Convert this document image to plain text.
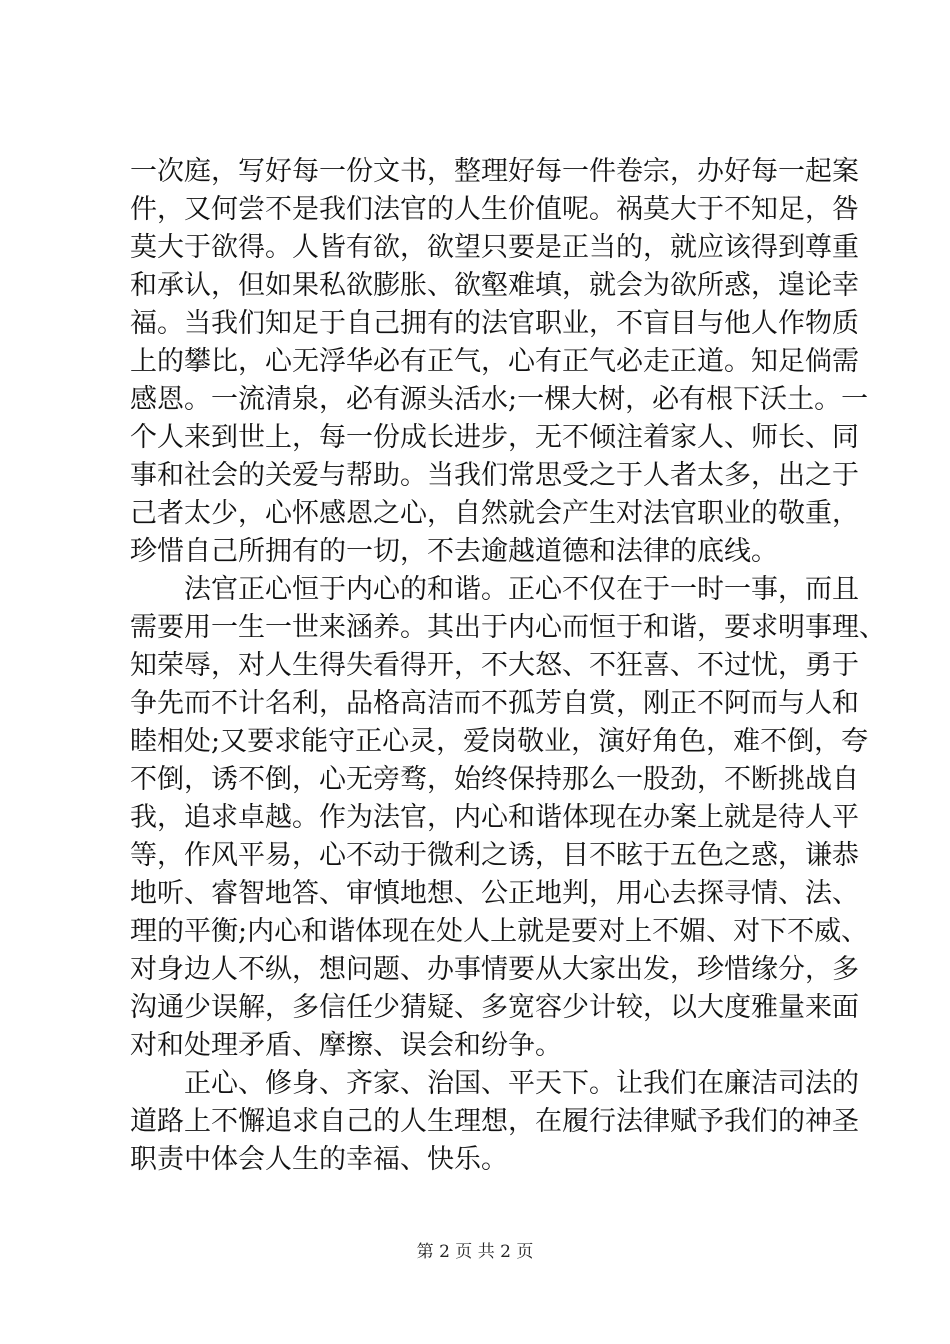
一次庭，写好每一份文书，整理好每一件卷宗，办好每一起案
件，又何尝不是我们法官的人生价值呢。祸莫大于不知足，咎
莫大于欲得。人皆有欲，欲望只要是正当的，就应该得到尊重
和承认，但如果私欲膨胀、欲壑难填，就会为欲所惑，遑论幸
福。当我们知足于自己拥有的法官职业，不盲目与他人作物质
上的攀比，心无浮华必有正气，心有正气必走正道。知足倘需
感恩。一流清泉，必有源头活水;一棵大树，必有根下沃土。一
个人来到世上，每一份成长进步，无不倾注着家人、师长、同
事和社会的关爱与帮助。当我们常思受之于人者太多，出之于
己者太少，心怀感恩之心，自然就会产生对法官职业的敬重，
珍惜自己所拥有的一切，不去逾越道德和法律的底线。
　　法官正心恒于内心的和谐。正心不仅在于一时一事，而且
需要用一生一世来涵养。其出于内心而恒于和谐，要求明事理、
知荣辱，对人生得失看得开，不大怒、不狂喜、不过忧，勇于
争先而不计名利，品格高洁而不孤芳自赏，刚正不阿而与人和
睦相处;又要求能守正心灵，爱岗敬业，演好角色，难不倒，夸
不倒，诱不倒，心无旁骛，始终保持那么一股劲，不断挑战自
我，追求卓越。作为法官，内心和谐体现在办案上就是待人平
等，作风平易，心不动于微利之诱，目不眩于五色之惑，谦恭
地听、睿智地答、审慎地想、公正地判，用心去探寻情、法、
理的平衡;内心和谐体现在处人上就是要对上不媚、对下不威、
对身边人不纵，想问题、办事情要从大家出发，珍惜缘分，多
沟通少误解，多信任少猜疑、多宽容少计较，以大度雅量来面
对和处理矛盾、摩擦、误会和纷争。
　　正心、修身、齐家、治国、平天下。让我们在廉洁司法的
道路上不懈追求自己的人生理想，在履行法律赋予我们的神圣
职责中体会人生的幸福、快乐。
第 2 页 共 2 页
